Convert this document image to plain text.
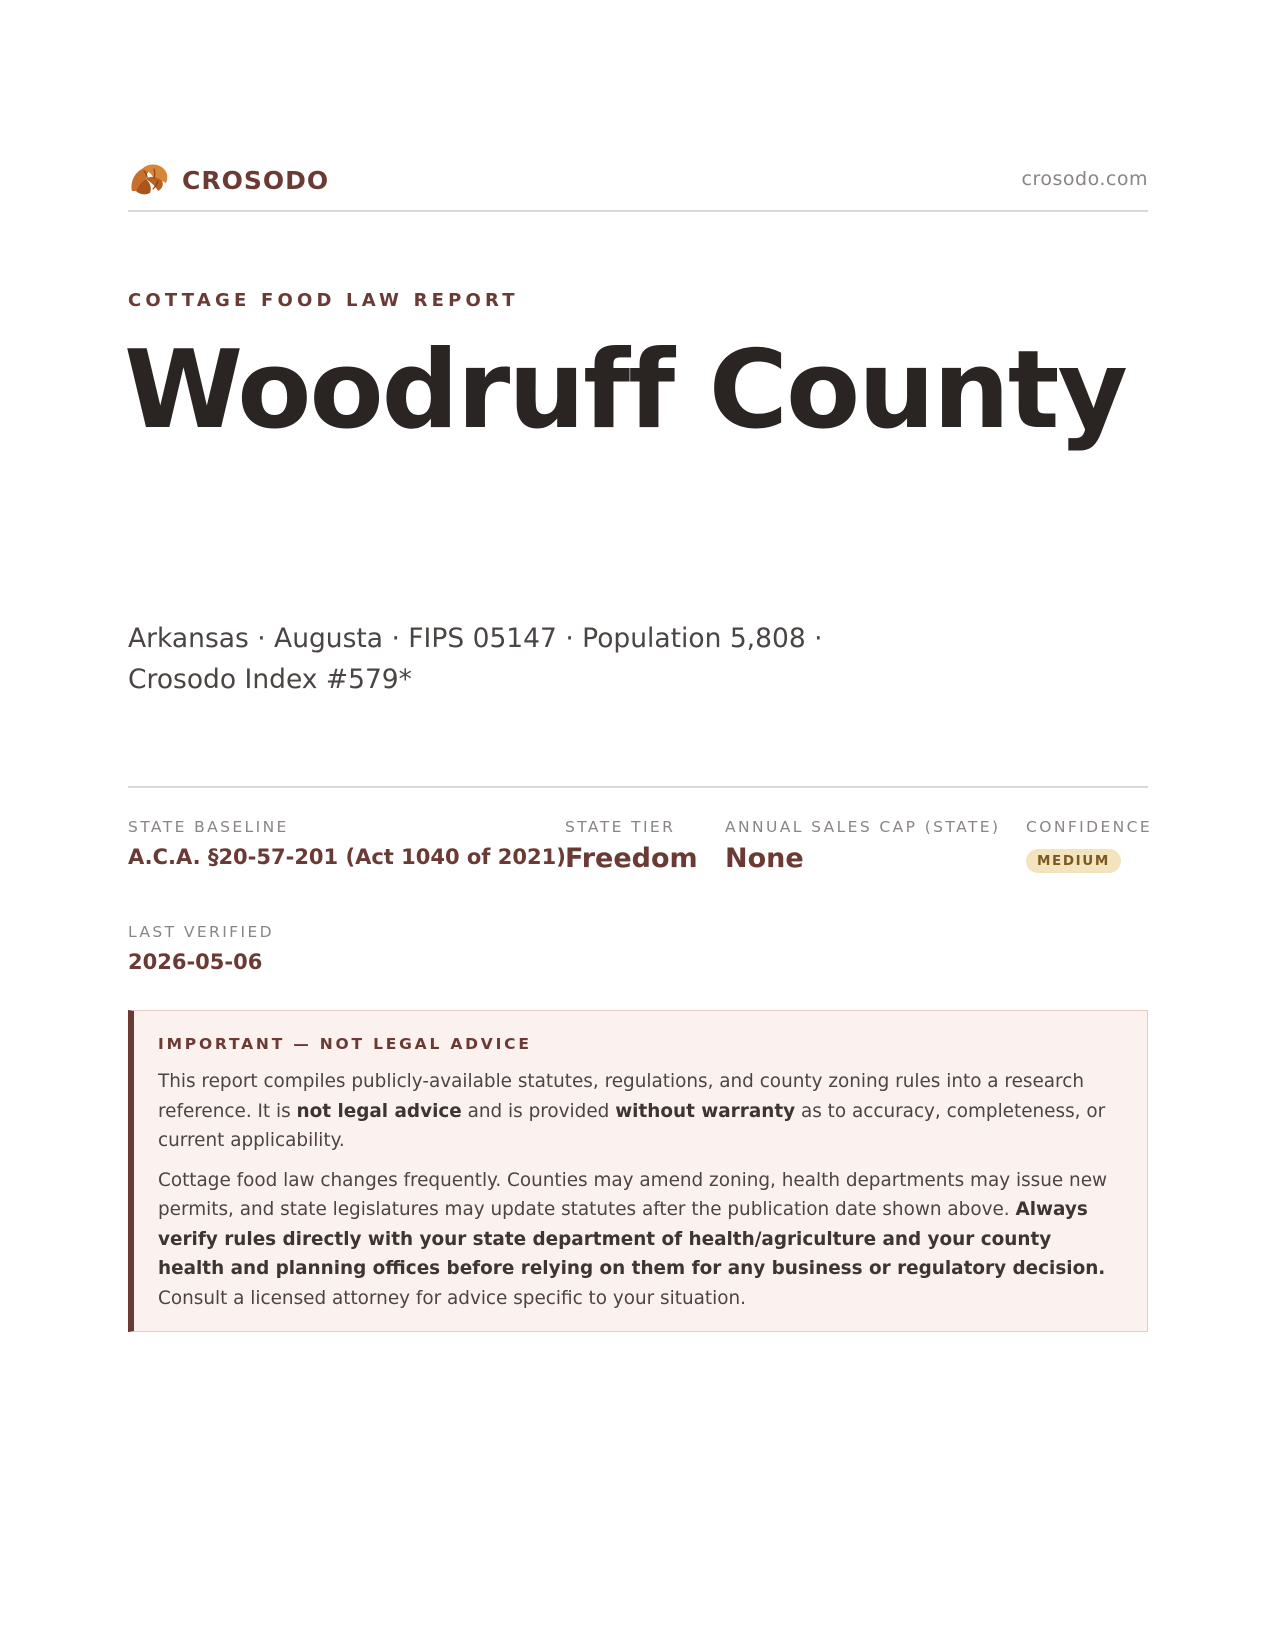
CROSODO	crosodo.com
COTTAGE FOOD LAW REPORT
Woodruff County
Arkansas · Augusta · FIPS 05147 · Population 5,808 ·
Crosodo Index #579*
STATE BASELINE
A.C.A. §20-57-201 (Act 1040 of 2021)
STATE TIER
Freedom
ANNUAL SALES CAP (STATE)
None
CONFIDENCE
MEDIUM
LAST VERIFIED
2026-05-06
IMPORTANT — NOT LEGAL ADVICE

This report compiles publicly-available statutes, regulations, and county zoning rules into a research reference. It is not legal advice and is provided without warranty as to accuracy, completeness, or current applicability.

Cottage food law changes frequently. Counties may amend zoning, health departments may issue new permits, and state legislatures may update statutes after the publication date shown above. Always verify rules directly with your state department of health/agriculture and your county health and planning offices before relying on them for any business or regulatory decision. Consult a licensed attorney for advice specific to your situation.
